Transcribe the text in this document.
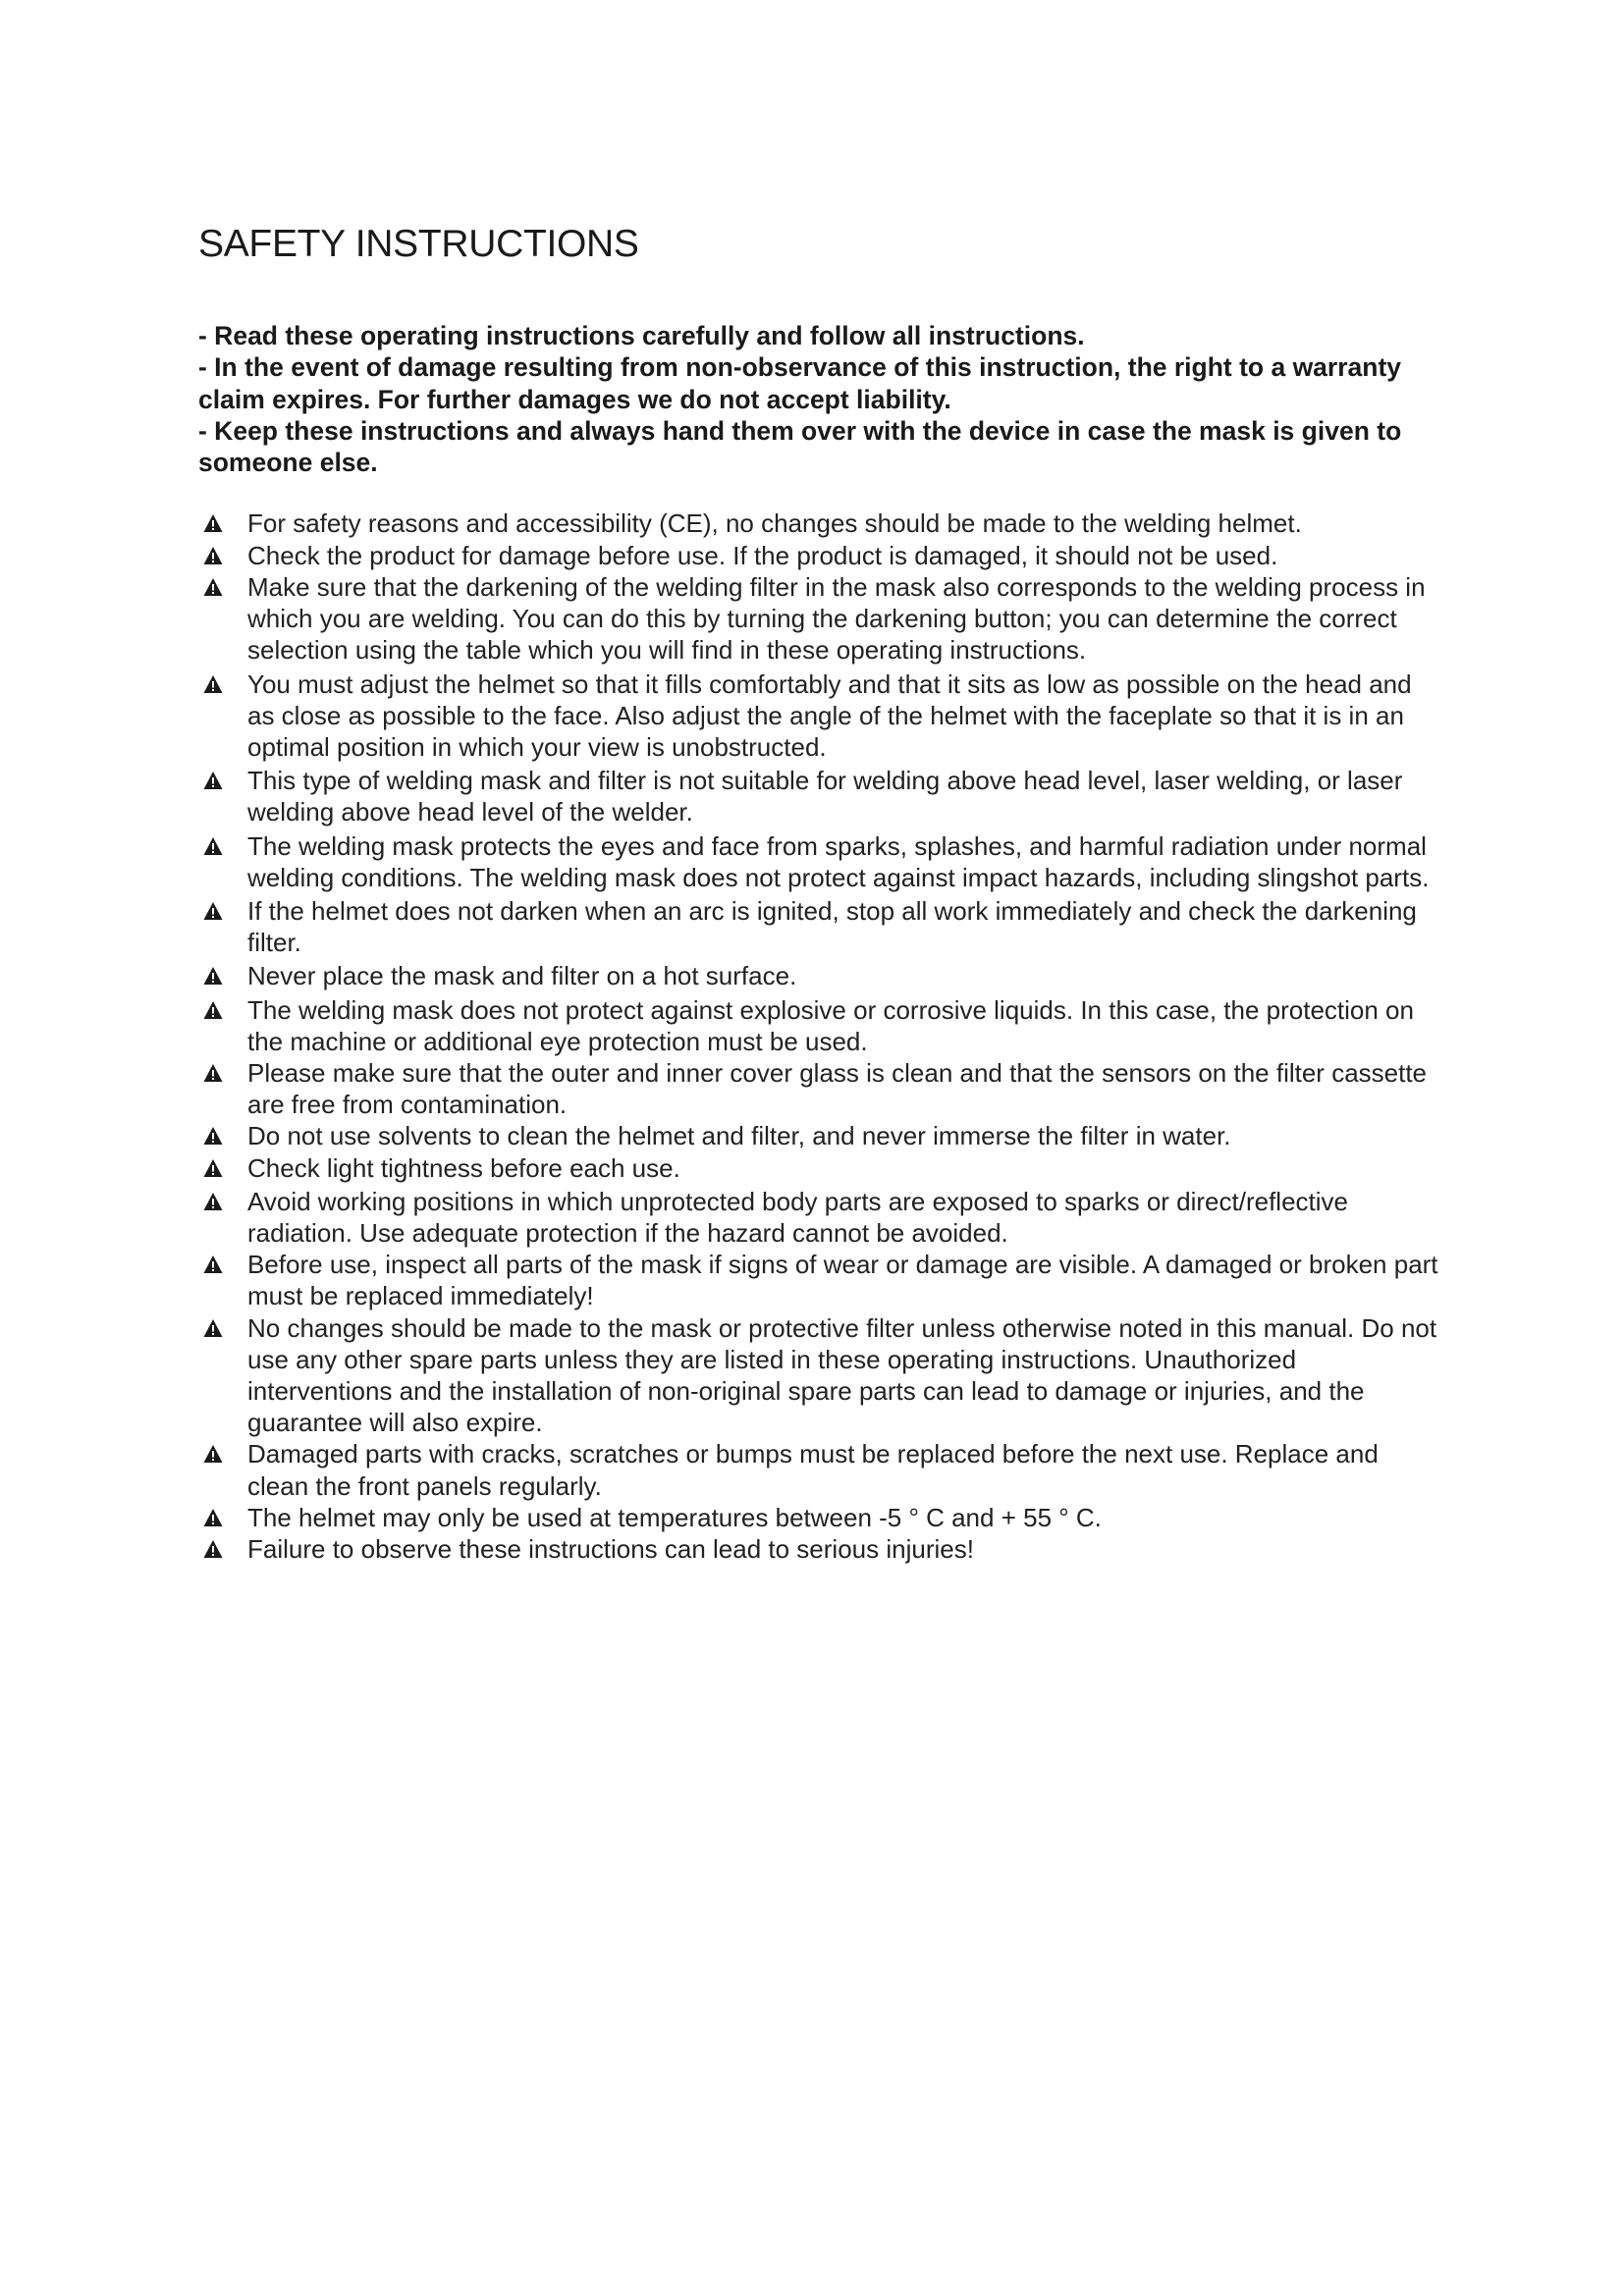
SAFETY INSTRUCTIONS

- Read these operating instructions carefully and follow all instructions.

- In the event of damage resulting from non-observance of this instruction, the right to a warranty claim expires. For further damages we do not accept liability.

- Keep these instructions and always hand them over with the device in case the mask is given to someone else.

For safety reasons and accessibility (CE), no changes should be made to the welding helmet.
Check the product for damage before use. If the product is damaged, it should not be used.
Make sure that the darkening of the welding filter in the mask also corresponds to the welding process in which you are welding. You can do this by turning the darkening button; you can determine the correct selection using the table which you will find in these operating instructions.
You must adjust the helmet so that it fills comfortably and that it sits as low as possible on the head and as close as possible to the face. Also adjust the angle of the helmet with the faceplate so that it is in an optimal position in which your view is unobstructed.
This type of welding mask and filter is not suitable for welding above head level, laser welding, or laser welding above head level of the welder.
The welding mask protects the eyes and face from sparks, splashes, and harmful radiation under normal welding conditions. The welding mask does not protect against impact hazards, including slingshot parts.
If the helmet does not darken when an arc is ignited, stop all work immediately and check the darkening filter.
Never place the mask and filter on a hot surface.
The welding mask does not protect against explosive or corrosive liquids. In this case, the protection on the machine or additional eye protection must be used.
Please make sure that the outer and inner cover glass is clean and that the sensors on the filter cassette are free from contamination.
Do not use solvents to clean the helmet and filter, and never immerse the filter in water.
Check light tightness before each use.
Avoid working positions in which unprotected body parts are exposed to sparks or direct/reflective radiation. Use adequate protection if the hazard cannot be avoided.
Before use, inspect all parts of the mask if signs of wear or damage are visible. A damaged or broken part must be replaced immediately!
No changes should be made to the mask or protective filter unless otherwise noted in this manual. Do not use any other spare parts unless they are listed in these operating instructions. Unauthorized interventions and the installation of non-original spare parts can lead to damage or injuries, and the guarantee will also expire.
Damaged parts with cracks, scratches or bumps must be replaced before the next use. Replace and clean the front panels regularly.
The helmet may only be used at temperatures between -5 ° C and + 55 ° C.
Failure to observe these instructions can lead to serious injuries!
